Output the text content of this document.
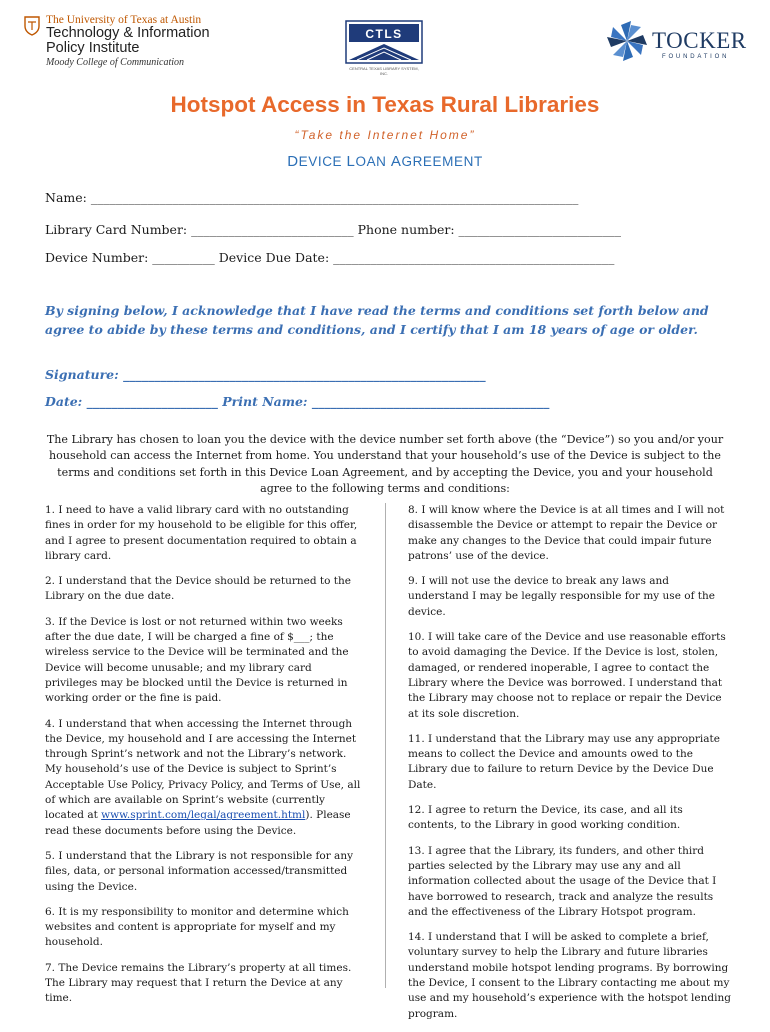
The University of Texas at Austin
Technology & Information
Policy Institute
Moody College of Communication
CTLS
CENTRAL TEXAS LIBRARY SYSTEM, INC.
TOCKER
FOUNDATION
Hotspot Access in Texas Rural Libraries
“Take the Internet Home”
DEVICE LOAN AGREEMENT
Name: ______________________________________________________________________________
Library Card Number: __________________________ Phone number: __________________________
Device Number: __________ Device Due Date: _____________________________________________
By signing below, I acknowledge that I have read the terms and conditions set forth below and agree to abide by these terms and conditions, and I certify that I am 18 years of age or older.
Signature: __________________________________________________________
Date: _____________________ Print Name: ______________________________________
The Library has chosen to loan you the device with the device number set forth above (the “Device”) so you and/or your household can access the Internet from home. You understand that your household’s use of the Device is subject to the terms and conditions set forth in this Device Loan Agreement, and by accepting the Device, you and your household agree to the following terms and conditions:

1. I need to have a valid library card with no outstanding fines in order for my household to be eligible for this offer, and I agree to present documentation required to obtain a library card.

2. I understand that the Device should be returned to the Library on the due date.

3. If the Device is lost or not returned within two weeks after the due date, I will be charged a fine of $___; the wireless service to the Device will be terminated and the Device will become unusable; and my library card privileges may be blocked until the Device is returned in working order or the fine is paid.

4. I understand that when accessing the Internet through the Device, my household and I are accessing the Internet through Sprint’s network and not the Library’s network. My household’s use of the Device is subject to Sprint’s Acceptable Use Policy, Privacy Policy, and Terms of Use, all of which are available on Sprint’s website (currently located at www.sprint.com/legal/agreement.html). Please read these documents before using the Device.

5. I understand that the Library is not responsible for any files, data, or personal information accessed/transmitted using the Device.

6. It is my responsibility to monitor and determine which websites and content is appropriate for myself and my household.

7. The Device remains the Library’s property at all times. The Library may request that I return the Device at any time.

8. I will know where the Device is at all times and I will not disassemble the Device or attempt to repair the Device or make any changes to the Device that could impair future patrons’ use of the device.

9. I will not use the device to break any laws and understand I may be legally responsible for my use of the device.

10. I will take care of the Device and use reasonable efforts to avoid damaging the Device. If the Device is lost, stolen, damaged, or rendered inoperable, I agree to contact the Library where the Device was borrowed. I understand that the Library may choose not to replace or repair the Device at its sole discretion.

11. I understand that the Library may use any appropriate means to collect the Device and amounts owed to the Library due to failure to return Device by the Device Due Date.

12. I agree to return the Device, its case, and all its contents, to the Library in good working condition.

13. I agree that the Library, its funders, and other third parties selected by the Library may use any and all information collected about the usage of the Device that I have borrowed to research, track and analyze the results and the effectiveness of the Library Hotspot program.

14. I understand that I will be asked to complete a brief, voluntary survey to help the Library and future libraries understand mobile hotspot lending programs. By borrowing the Device, I consent to the Library contacting me about my use and my household’s experience with the hotspot lending program.
